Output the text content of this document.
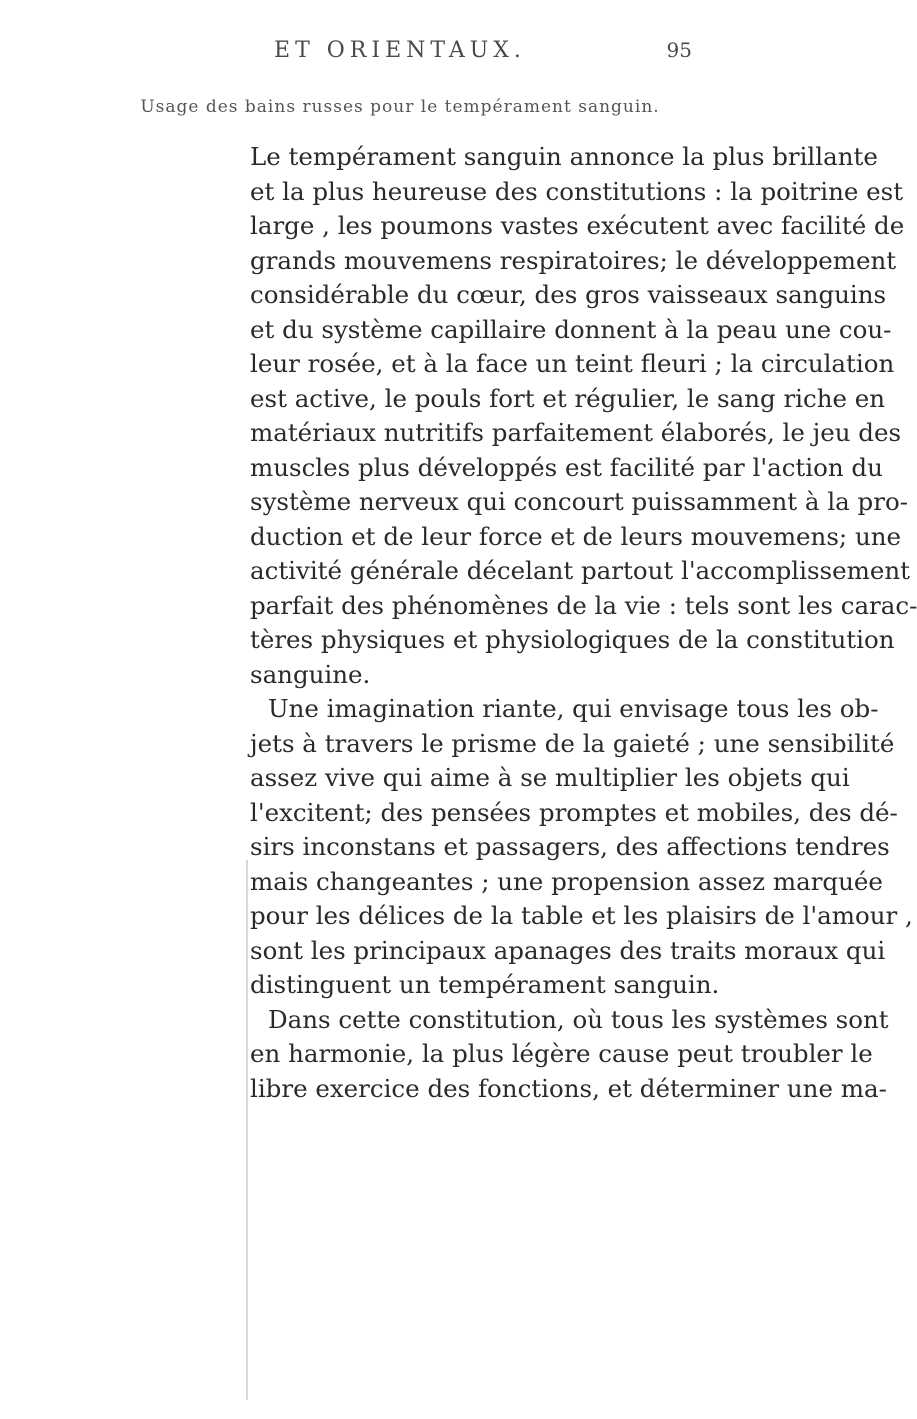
ET ORIENTAUX.	95
Usage des bains russes pour le tempérament sanguin.
Le tempérament sanguin annonce la plus brillante
et la plus heureuse des constitutions : la poitrine est
large , les poumons vastes exécutent avec facilité de
grands mouvemens respiratoires; le développement
considérable du cœur, des gros vaisseaux sanguins
et du système capillaire donnent à la peau une cou-
leur rosée, et à la face un teint fleuri ; la circulation
est active, le pouls fort et régulier, le sang riche en
matériaux nutritifs parfaitement élaborés, le jeu des
muscles plus développés est facilité par l'action du
système nerveux qui concourt puissamment à la pro-
duction et de leur force et de leurs mouvemens; une
activité générale décelant partout l'accomplissement
parfait des phénomènes de la vie : tels sont les carac-
tères physiques et physiologiques de la constitution
sanguine.
Une imagination riante, qui envisage tous les ob-
jets à travers le prisme de la gaieté ; une sensibilité
assez vive qui aime à se multiplier les objets qui
l'excitent; des pensées promptes et mobiles, des dé-
sirs inconstans et passagers, des affections tendres
mais changeantes ; une propension assez marquée
pour les délices de la table et les plaisirs de l'amour ,
sont les principaux apanages des traits moraux qui
distinguent un tempérament sanguin.
Dans cette constitution, où tous les systèmes sont
en harmonie, la plus légère cause peut troubler le
libre exercice des fonctions, et déterminer une ma-
